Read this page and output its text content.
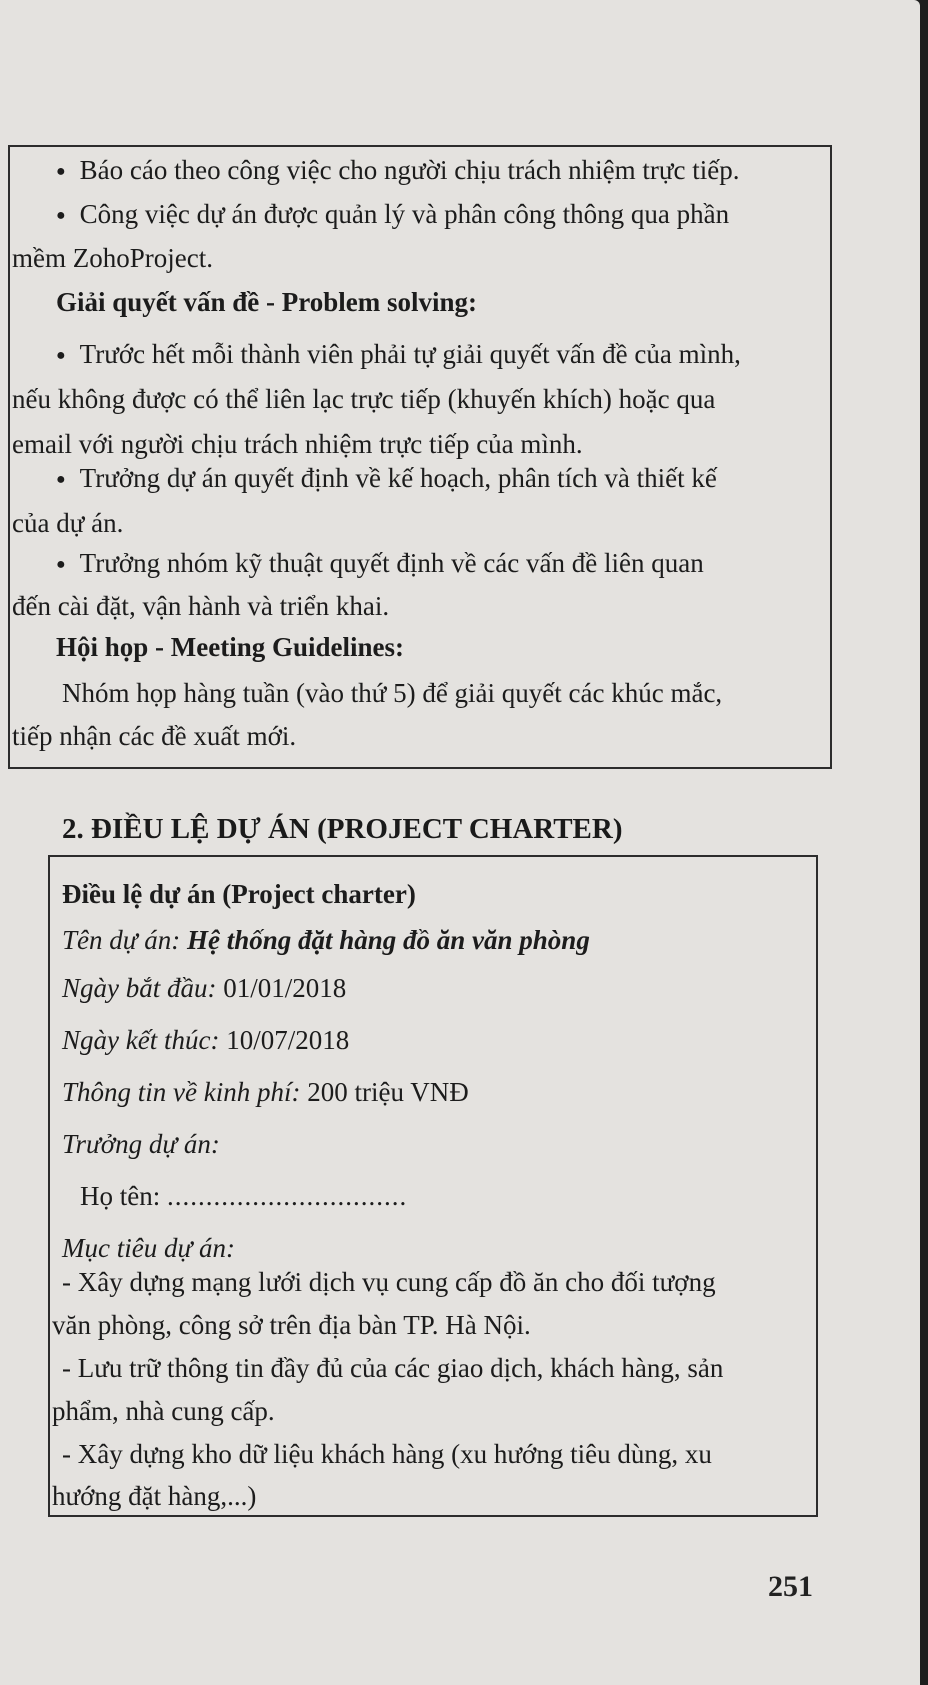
● Báo cáo theo công việc cho người chịu trách nhiệm trực tiếp.
● Công việc dự án được quản lý và phân công thông qua phần
mềm ZohoProject.
Giải quyết vấn đề - Problem solving:
● Trước hết mỗi thành viên phải tự giải quyết vấn đề của mình,
nếu không được có thể liên lạc trực tiếp (khuyến khích) hoặc qua
email với người chịu trách nhiệm trực tiếp của mình.
● Trưởng dự án quyết định về kế hoạch, phân tích và thiết kế
của dự án.
● Trưởng nhóm kỹ thuật quyết định về các vấn đề liên quan
đến cài đặt, vận hành và triển khai.
Hội họp - Meeting Guidelines:
Nhóm họp hàng tuần (vào thứ 5) để giải quyết các khúc mắc,
tiếp nhận các đề xuất mới.
2. ĐIỀU LỆ DỰ ÁN (PROJECT CHARTER)
Điều lệ dự án (Project charter)
Tên dự án: Hệ thống đặt hàng đồ ăn văn phòng
Ngày bắt đầu: 01/01/2018
Ngày kết thúc: 10/07/2018
Thông tin về kinh phí: 200 triệu VNĐ
Trưởng dự án:
Họ tên: ...............................
Mục tiêu dự án:
- Xây dựng mạng lưới dịch vụ cung cấp đồ ăn cho đối tượng
văn phòng, công sở trên địa bàn TP. Hà Nội.
- Lưu trữ thông tin đầy đủ của các giao dịch, khách hàng, sản
phẩm, nhà cung cấp.
- Xây dựng kho dữ liệu khách hàng (xu hướng tiêu dùng, xu
hướng đặt hàng,...)
251
